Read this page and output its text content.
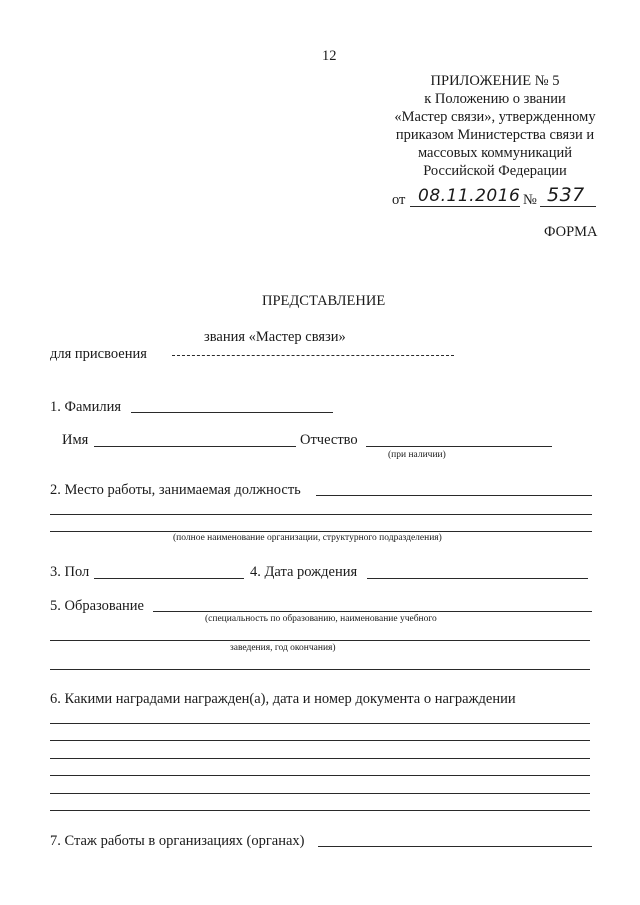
12
ПРИЛОЖЕНИЕ № 5
к Положению о звании
«Мастер связи», утвержденному
приказом Министерства связи и
массовых коммуникаций
Российской Федерации
от 08.11.2016 № 537
ФОРМА
ПРЕДСТАВЛЕНИЕ
звания «Мастер связи»
для присвоения
1. Фамилия
Имя	Отчество
(при наличии)
2. Место работы, занимаемая должность
(полное наименование организации, структурного подразделения)
3. Пол	4. Дата рождения
5. Образование
(специальность по образованию, наименование учебного
заведения, год окончания)
6. Какими наградами награжден(а), дата и номер документа о награждении
7. Стаж работы в организациях (органах)
